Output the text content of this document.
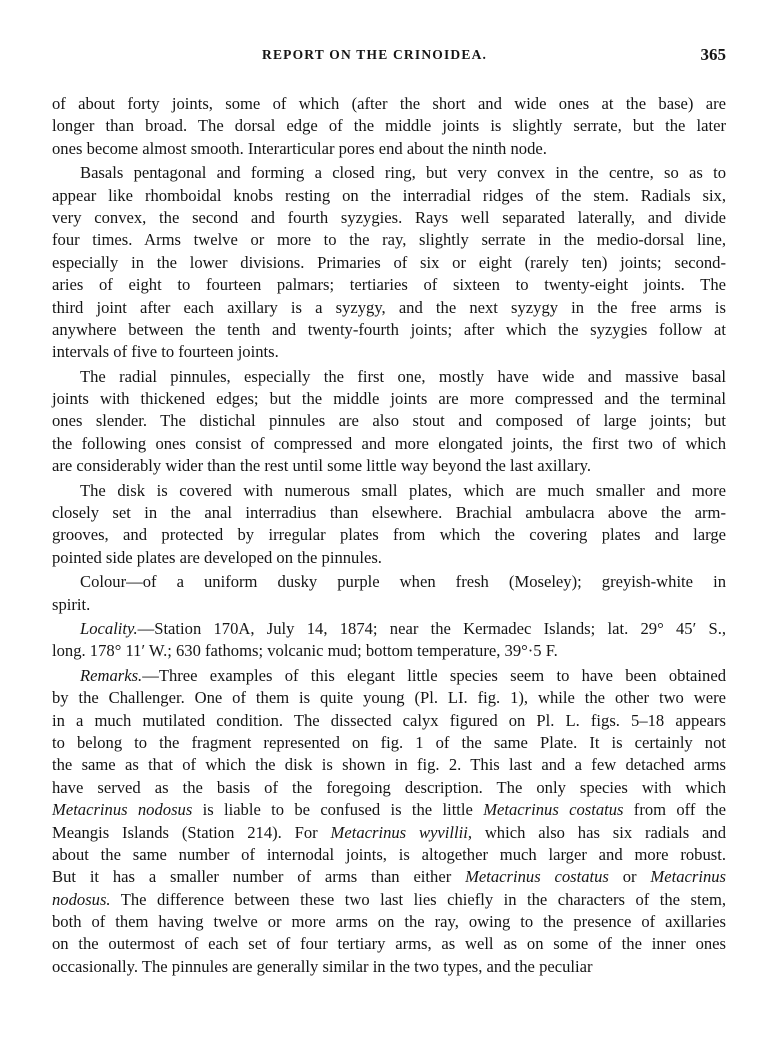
REPORT ON THE CRINOIDEA.	365
of about forty joints, some of which (after the short and wide ones at the base) are
longer than broad. The dorsal edge of the middle joints is slightly serrate, but the later
ones become almost smooth. Interarticular pores end about the ninth node.
Basals pentagonal and forming a closed ring, but very convex in the centre, so as to
appear like rhomboidal knobs resting on the interradial ridges of the stem. Radials six,
very convex, the second and fourth syzygies. Rays well separated laterally, and divide
four times. Arms twelve or more to the ray, slightly serrate in the medio-dorsal line,
especially in the lower divisions. Primaries of six or eight (rarely ten) joints; second-
aries of eight to fourteen palmars; tertiaries of sixteen to twenty-eight joints. The
third joint after each axillary is a syzygy, and the next syzygy in the free arms is
anywhere between the tenth and twenty-fourth joints; after which the syzygies follow at
intervals of five to fourteen joints.
The radial pinnules, especially the first one, mostly have wide and massive basal
joints with thickened edges; but the middle joints are more compressed and the terminal
ones slender. The distichal pinnules are also stout and composed of large joints; but
the following ones consist of compressed and more elongated joints, the first two of which
are considerably wider than the rest until some little way beyond the last axillary.
The disk is covered with numerous small plates, which are much smaller and more
closely set in the anal interradius than elsewhere. Brachial ambulacra above the arm-
grooves, and protected by irregular plates from which the covering plates and large
pointed side plates are developed on the pinnules.
Colour—of a uniform dusky purple when fresh (Moseley); greyish-white in
spirit.
Locality.—Station 170A, July 14, 1874; near the Kermadec Islands; lat. 29° 45′ S.,
long. 178° 11′ W.; 630 fathoms; volcanic mud; bottom temperature, 39°·5 F.
Remarks.—Three examples of this elegant little species seem to have been obtained
by the Challenger. One of them is quite young (Pl. LI. fig. 1), while the other two were
in a much mutilated condition. The dissected calyx figured on Pl. L. figs. 5–18 appears
to belong to the fragment represented on fig. 1 of the same Plate. It is certainly not
the same as that of which the disk is shown in fig. 2. This last and a few detached arms
have served as the basis of the foregoing description. The only species with which
Metacrinus nodosus is liable to be confused is the little Metacrinus costatus from off the
Meangis Islands (Station 214). For Metacrinus wyvillii, which also has six radials and
about the same number of internodal joints, is altogether much larger and more robust.
But it has a smaller number of arms than either Metacrinus costatus or Metacrinus
nodosus. The difference between these two last lies chiefly in the characters of the stem,
both of them having twelve or more arms on the ray, owing to the presence of axillaries
on the outermost of each set of four tertiary arms, as well as on some of the inner ones
occasionally. The pinnules are generally similar in the two types, and the peculiar
